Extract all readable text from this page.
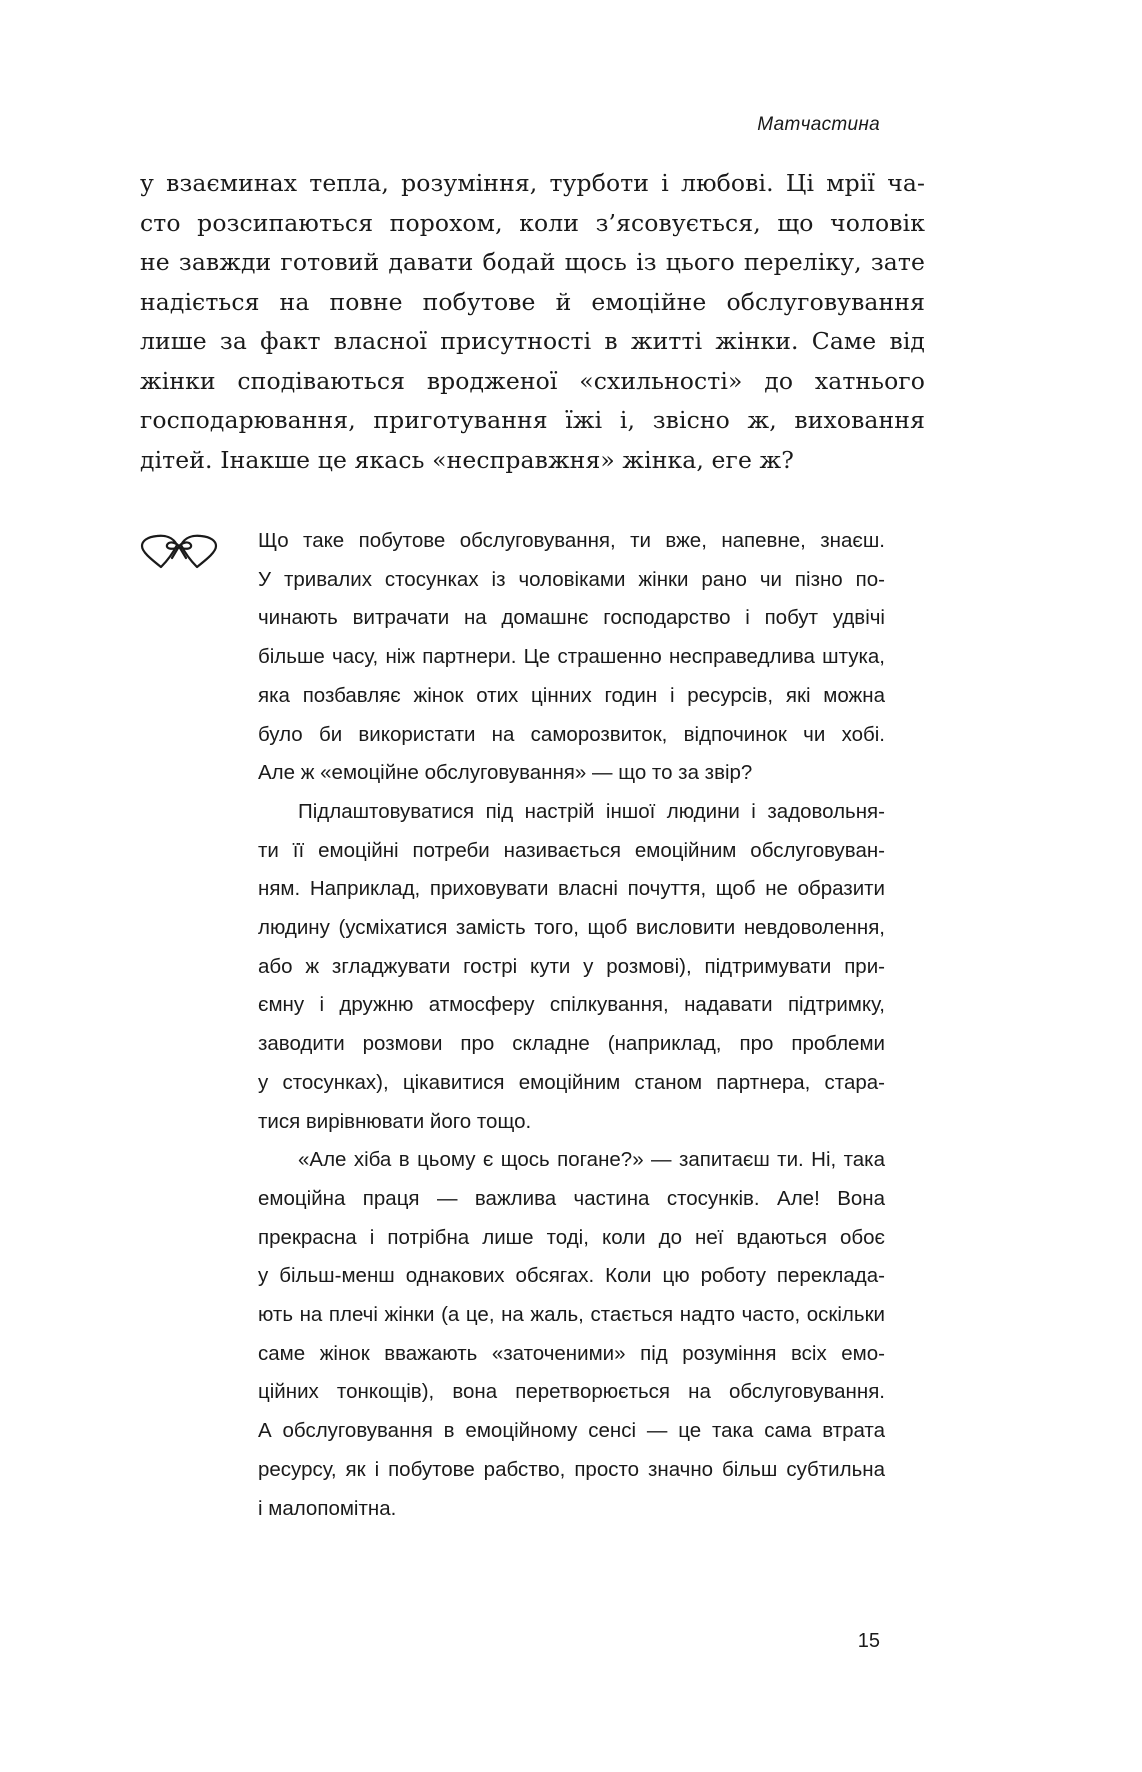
Матчастина
у взаєминах тепла, розуміння, турботи і любові. Ці мрії ча-
сто розсипаються порохом, коли з’ясовується, що чоловік
не завжди готовий давати бодай щось із цього переліку, зате
надіється на повне побутове й емоційне обслуговування
лише за факт власної присутності в житті жінки. Саме від
жінки сподіваються вродженої «схильності» до хатнього
господарювання, приготування їжі і, звісно ж, виховання
дітей. Інакше це якась «несправжня» жінка, еге ж?
Що таке побутове обслуговування, ти вже, напевне, знаєш.
У тривалих стосунках із чоловіками жінки рано чи пізно по-
чинають витрачати на домашнє господарство і побут удвічі
більше часу, ніж партнери. Це страшенно несправедлива штука,
яка позбавляє жінок отих цінних годин і ресурсів, які можна
було би використати на саморозвиток, відпочинок чи хобі.
Але ж «емоційне обслуговування» — що то за звір?
Підлаштовуватися під настрій іншої людини і задовольня-
ти її емоційні потреби називається емоційним обслуговуван-
ням. Наприклад, приховувати власні почуття, щоб не образити
людину (усміхатися замість того, щоб висловити невдоволення,
або ж згладжувати гострі кути у розмові), підтримувати при-
ємну і дружню атмосферу спілкування, надавати підтримку,
заводити розмови про складне (наприклад, про проблеми
у стосунках), цікавитися емоційним станом партнера, стара-
тися вирівнювати його тощо.
«Але хіба в цьому є щось погане?» — запитаєш ти. Ні, така
емоційна праця — важлива частина стосунків. Але! Вона
прекрасна і потрібна лише тоді, коли до неї вдаються обоє
у більш-менш однакових обсягах. Коли цю роботу переклада-
ють на плечі жінки (а це, на жаль, стається надто часто, оскільки
саме жінок вважають «заточеними» під розуміння всіх емо-
ційних тонкощів), вона перетворюється на обслуговування.
А обслуговування в емоційному сенсі — це така сама втрата
ресурсу, як і побутове рабство, просто значно більш субтильна
і малопомітна.
15
